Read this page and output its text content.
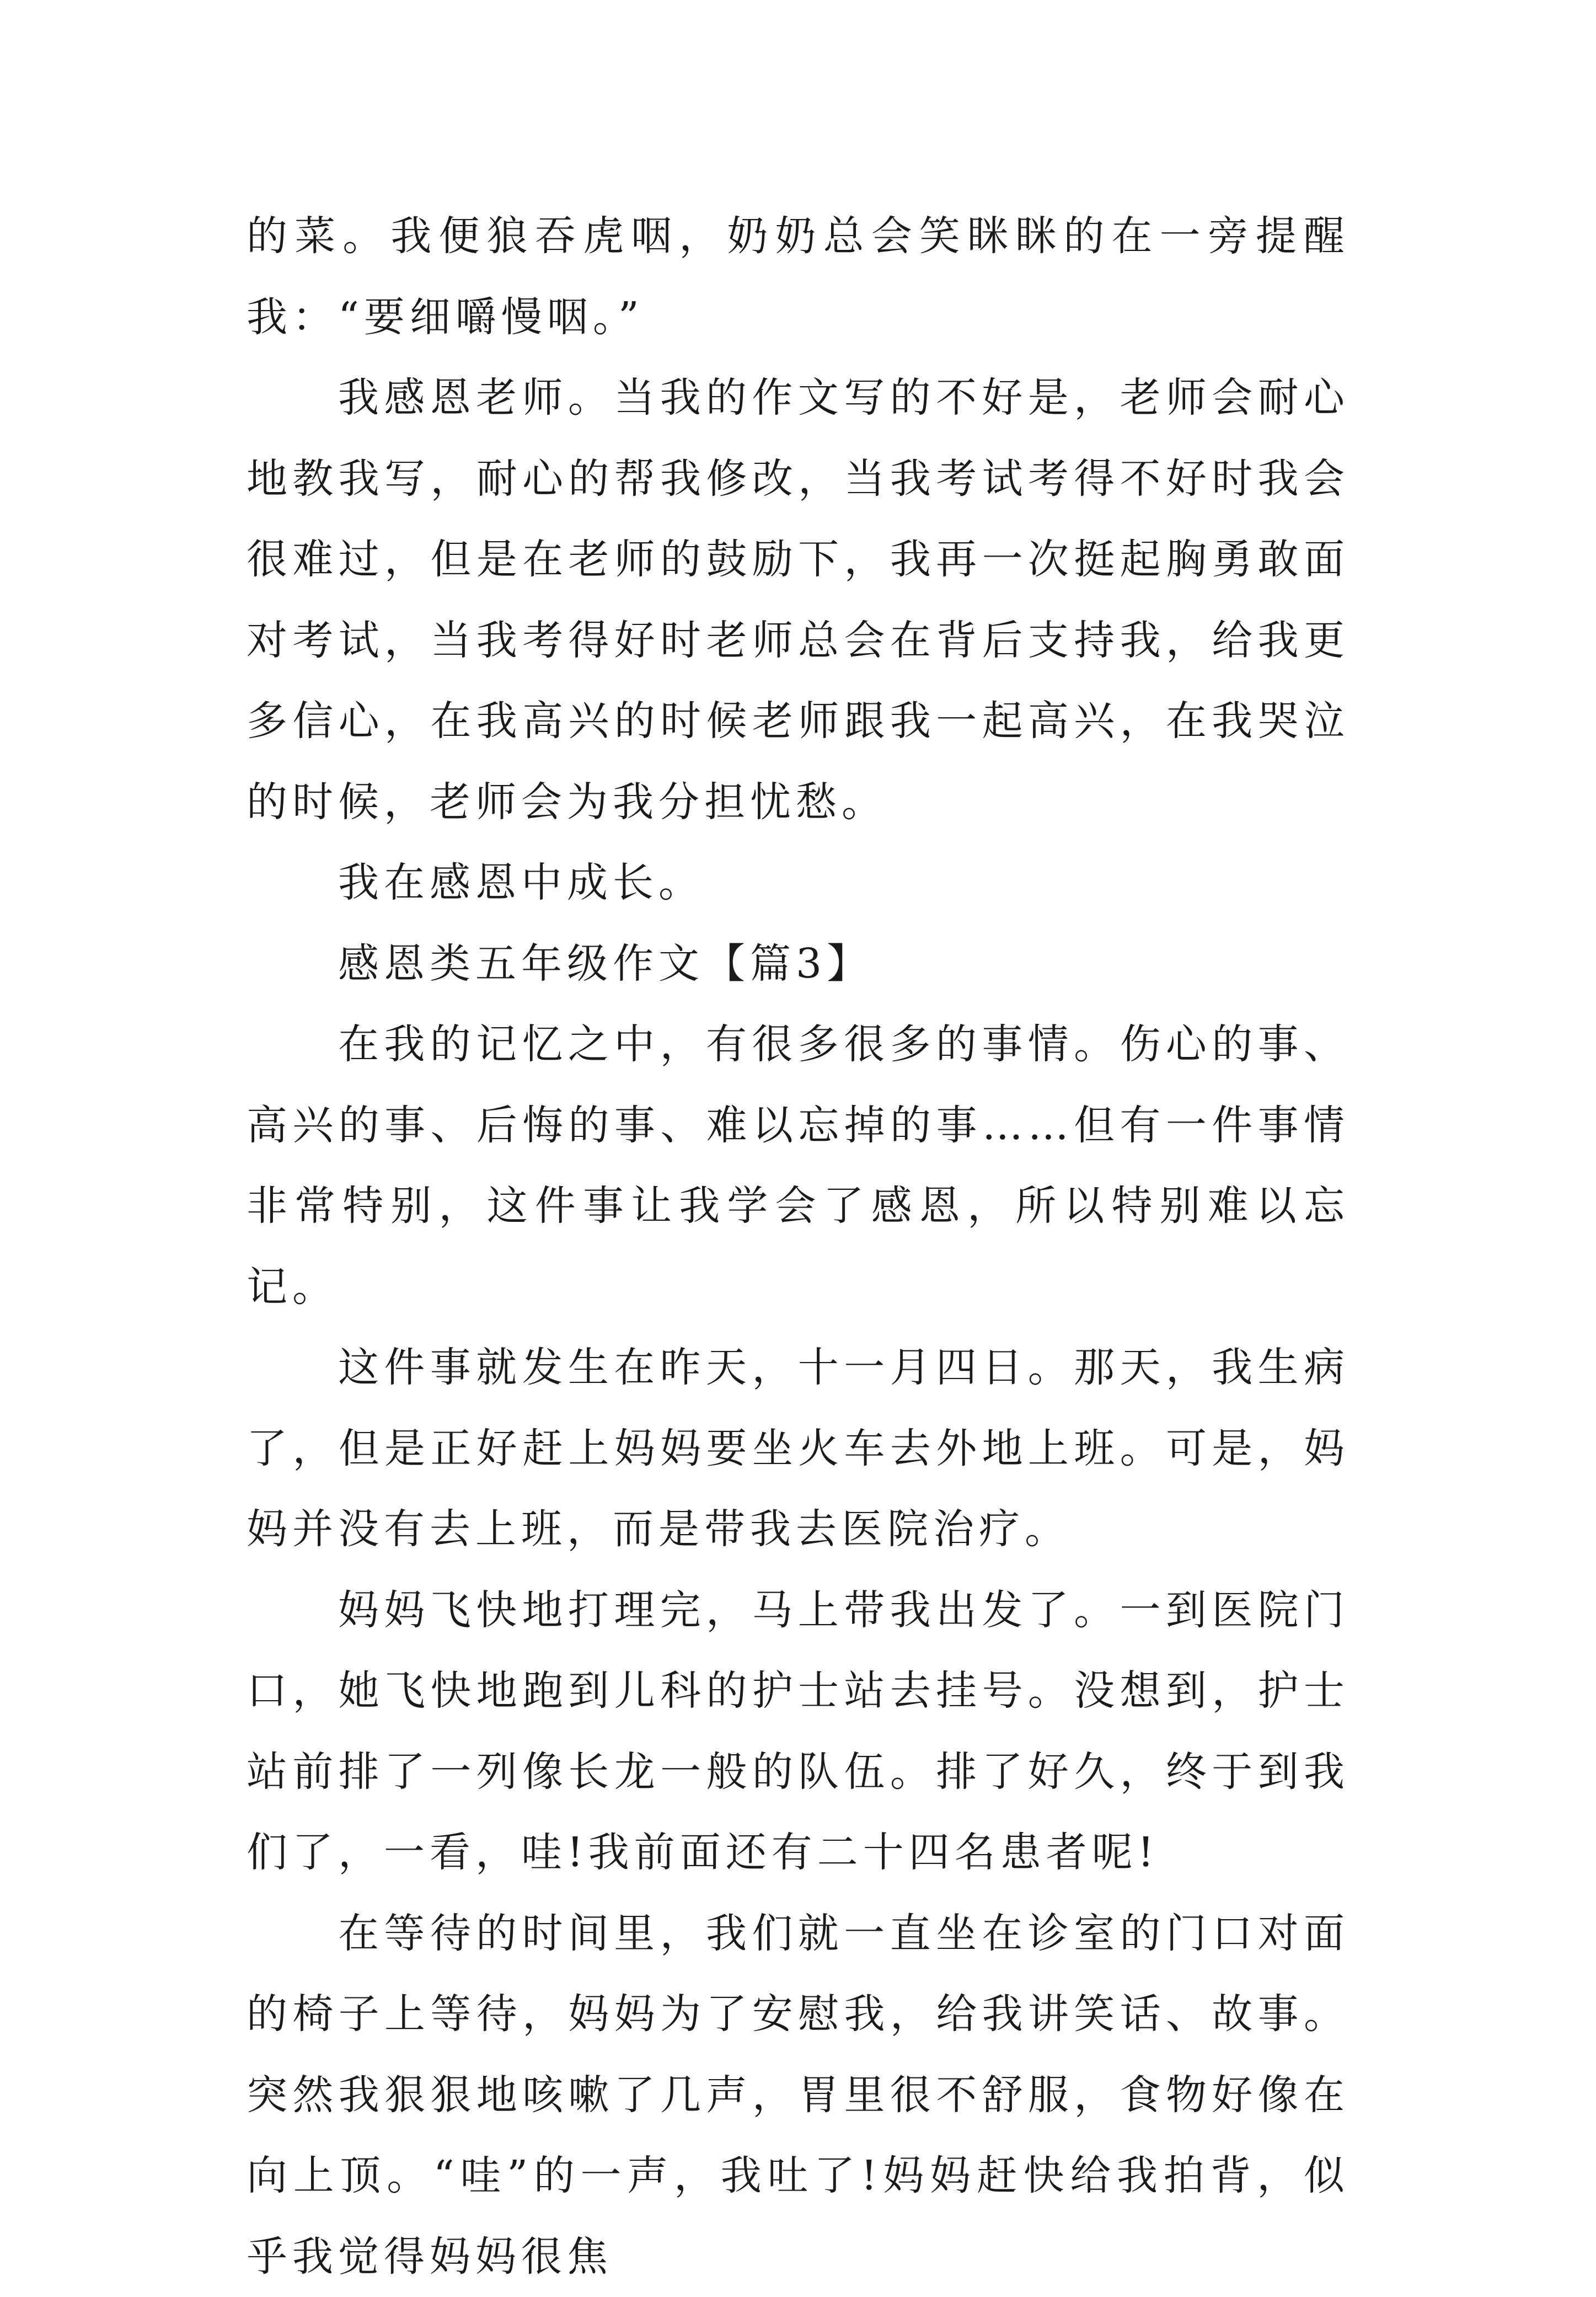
的菜。我便狼吞虎咽，奶奶总会笑眯眯的在一旁提醒我：“要细嚼慢咽。”

我感恩老师。当我的作文写的不好是，老师会耐心地教我写，耐心的帮我修改，当我考试考得不好时我会很难过，但是在老师的鼓励下，我再一次挺起胸勇敢面对考试，当我考得好时老师总会在背后支持我，给我更多信心，在我高兴的时候老师跟我一起高兴，在我哭泣的时候，老师会为我分担忧愁。

我在感恩中成长。

感恩类五年级作文【篇3】

在我的记忆之中，有很多很多的事情。伤心的事、高兴的事、后悔的事、难以忘掉的事……但有一件事情非常特别，这件事让我学会了感恩，所以特别难以忘记。

这件事就发生在昨天，十一月四日。那天，我生病了，但是正好赶上妈妈要坐火车去外地上班。可是，妈妈并没有去上班，而是带我去医院治疗。

妈妈飞快地打理完，马上带我出发了。一到医院门口，她飞快地跑到儿科的护士站去挂号。没想到，护士站前排了一列像长龙一般的队伍。排了好久，终于到我们了，一看，哇!我前面还有二十四名患者呢!

在等待的时间里，我们就一直坐在诊室的门口对面的椅子上等待，妈妈为了安慰我，给我讲笑话、故事。突然我狠狠地咳嗽了几声，胃里很不舒服，食物好像在向上顶。“哇”的一声，我吐了!妈妈赶快给我拍背，似乎我觉得妈妈很焦
